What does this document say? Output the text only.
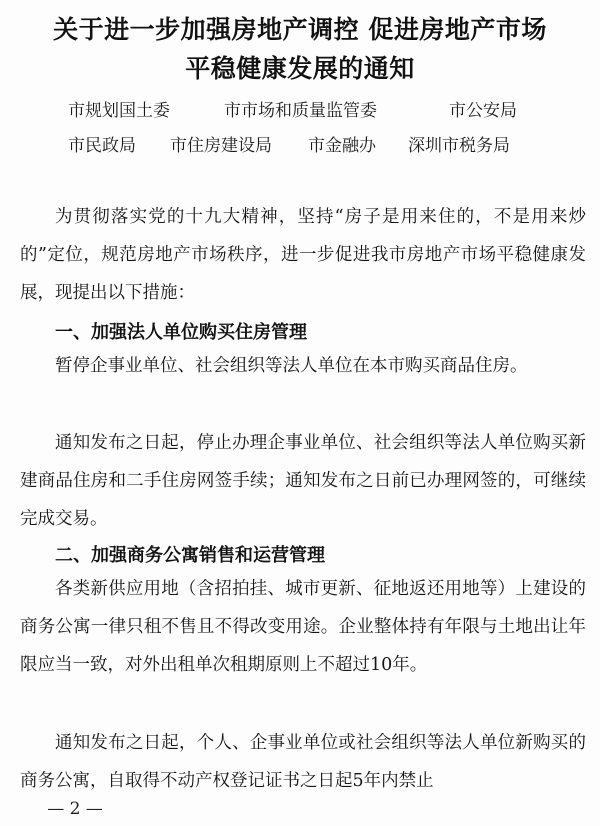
关于进一步加强房地产调控 促进房地产市场
平稳健康发展的通知
市规划国土委	市市场和质量监管委	市公安局
市民政局 市住房建设局 市金融办 深圳市税务局
为贯彻落实党的十九大精神，坚持“房子是用来住的，不是用来炒的”定位，规范房地产市场秩序，进一步促进我市房地产市场平稳健康发展，现提出以下措施：
一、加强法人单位购买住房管理
暂停企事业单位、社会组织等法人单位在本市购买商品住房。
通知发布之日起，停止办理企事业单位、社会组织等法人单位购买新建商品住房和二手住房网签手续；通知发布之日前已办理网签的，可继续完成交易。
二、加强商务公寓销售和运营管理
各类新供应用地（含招拍挂、城市更新、征地返还用地等）上建设的商务公寓一律只租不售且不得改变用途。企业整体持有年限与土地出让年限应当一致，对外出租单次租期原则上不超过10年。
通知发布之日起，个人、企事业单位或社会组织等法人单位新购买的商务公寓，自取得不动产权登记证书之日起5年内禁止
— 2 —
